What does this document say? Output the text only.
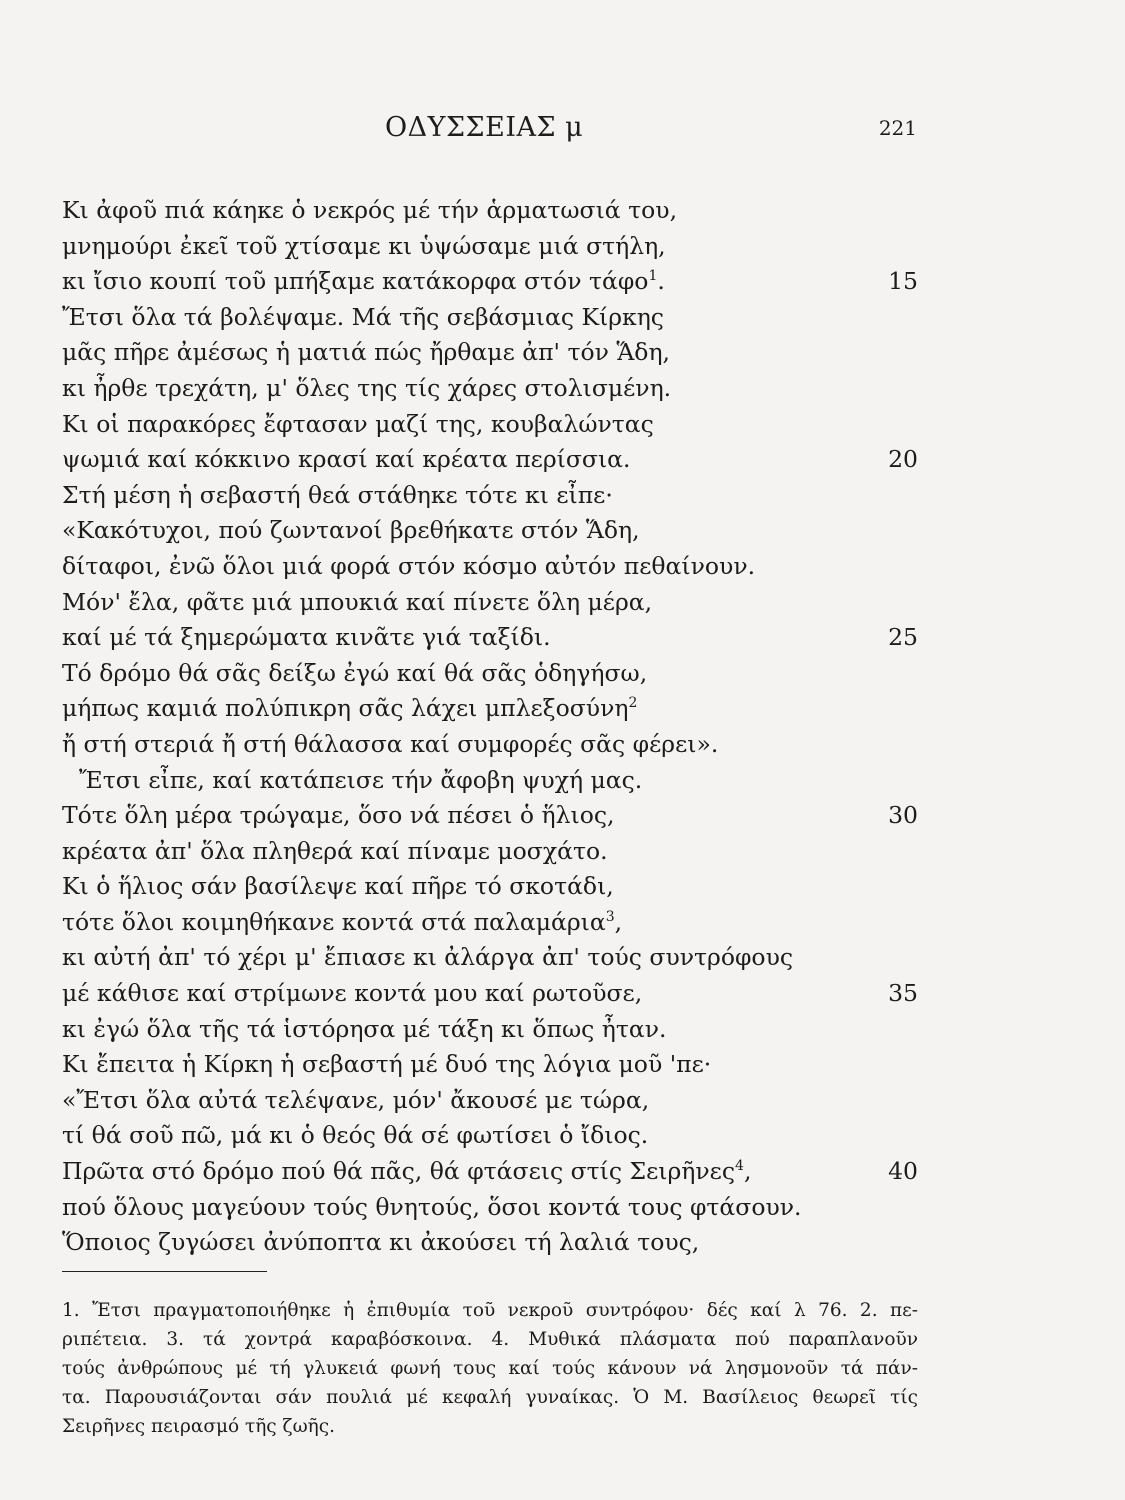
ΟΔΥΣΣΕΙΑΣ μ	221
Κι ἀφοῦ πιά κάηκε ὁ νεκρός μέ τήν ἁρματωσιά του,
μνημούρι ἐκεῖ τοῦ χτίσαμε κι ὑψώσαμε μιά στήλη,
κι ἴσιο κουπί τοῦ μπήξαμε κατάκορφα στόν τάφο$^1$.	15
Ἔτσι ὅλα τά βολέψαμε. Μά τῆς σεβάσμιας Κίρκης
μᾶς πῆρε ἀμέσως ἡ ματιά πώς ἤρθαμε ἀπ' τόν Ἅδη,
κι ἦρθε τρεχάτη, μ' ὅλες της τίς χάρες στολισμένη.
Κι οἱ παρακόρες ἔφτασαν μαζί της, κουβαλώντας
ψωμιά καί κόκκινο κρασί καί κρέατα περίσσια.	20
Στή μέση ἡ σεβαστή θεά στάθηκε τότε κι εἶπε·
«Κακότυχοι, πού ζωντανοί βρεθήκατε στόν Ἅδη,
δίταφοι, ἐνῶ ὅλοι μιά φορά στόν κόσμο αὐτόν πεθαίνουν.
Μόν' ἔλα, φᾶτε μιά μπουκιά καί πίνετε ὅλη μέρα,
καί μέ τά ξημερώματα κινᾶτε γιά ταξίδι.	25
Τό δρόμο θά σᾶς δείξω ἐγώ καί θά σᾶς ὁδηγήσω,
μήπως καμιά πολύπικρη σᾶς λάχει μπλεξοσύνη$^2$
ἤ στή στεριά ἤ στή θάλασσα καί συμφορές σᾶς φέρει».
Ἔτσι εἶπε, καί κατάπεισε τήν ἄφοβη ψυχή μας.
Τότε ὅλη μέρα τρώγαμε, ὅσο νά πέσει ὁ ἥλιος,	30
κρέατα ἀπ' ὅλα πληθερά καί πίναμε μοσχάτο.
Κι ὁ ἥλιος σάν βασίλεψε καί πῆρε τό σκοτάδι,
τότε ὅλοι κοιμηθήκανε κοντά στά παλαμάρια$^3$,
κι αὐτή ἀπ' τό χέρι μ' ἔπιασε κι ἀλάργα ἀπ' τούς συντρόφους
μέ κάθισε καί στρίμωνε κοντά μου καί ρωτοῦσε,	35
κι ἐγώ ὅλα τῆς τά ἱστόρησα μέ τάξη κι ὅπως ἦταν.
Κι ἔπειτα ἡ Κίρκη ἡ σεβαστή μέ δυό της λόγια μοῦ 'πε·
«Ἔτσι ὅλα αὐτά τελέψανε, μόν' ἄκουσέ με τώρα,
τί θά σοῦ πῶ, μά κι ὁ θεός θά σέ φωτίσει ὁ ἴδιος.
Πρῶτα στό δρόμο πού θά πᾶς, θά φτάσεις στίς Σειρῆνες$^4$,	40
πού ὅλους μαγεύουν τούς θνητούς, ὅσοι κοντά τους φτάσουν.
Ὅποιος ζυγώσει ἀνύποπτα κι ἀκούσει τή λαλιά τους,
1. Ἔτσι πραγματοποιήθηκε ἡ ἐπιθυμία τοῦ νεκροῦ συντρόφου· δές καί λ 76. 2. πε-
ριπέτεια. 3. τά χοντρά καραβόσκοινα. 4. Μυθικά πλάσματα πού παραπλανοῦν
τούς ἀνθρώπους μέ τή γλυκειά φωνή τους καί τούς κάνουν νά λησμονοῦν τά πάν-
τα. Παρουσιάζονται σάν πουλιά μέ κεφαλή γυναίκας. Ὁ Μ. Βασίλειος θεωρεῖ τίς
Σειρῆνες πειρασμό τῆς ζωῆς.
